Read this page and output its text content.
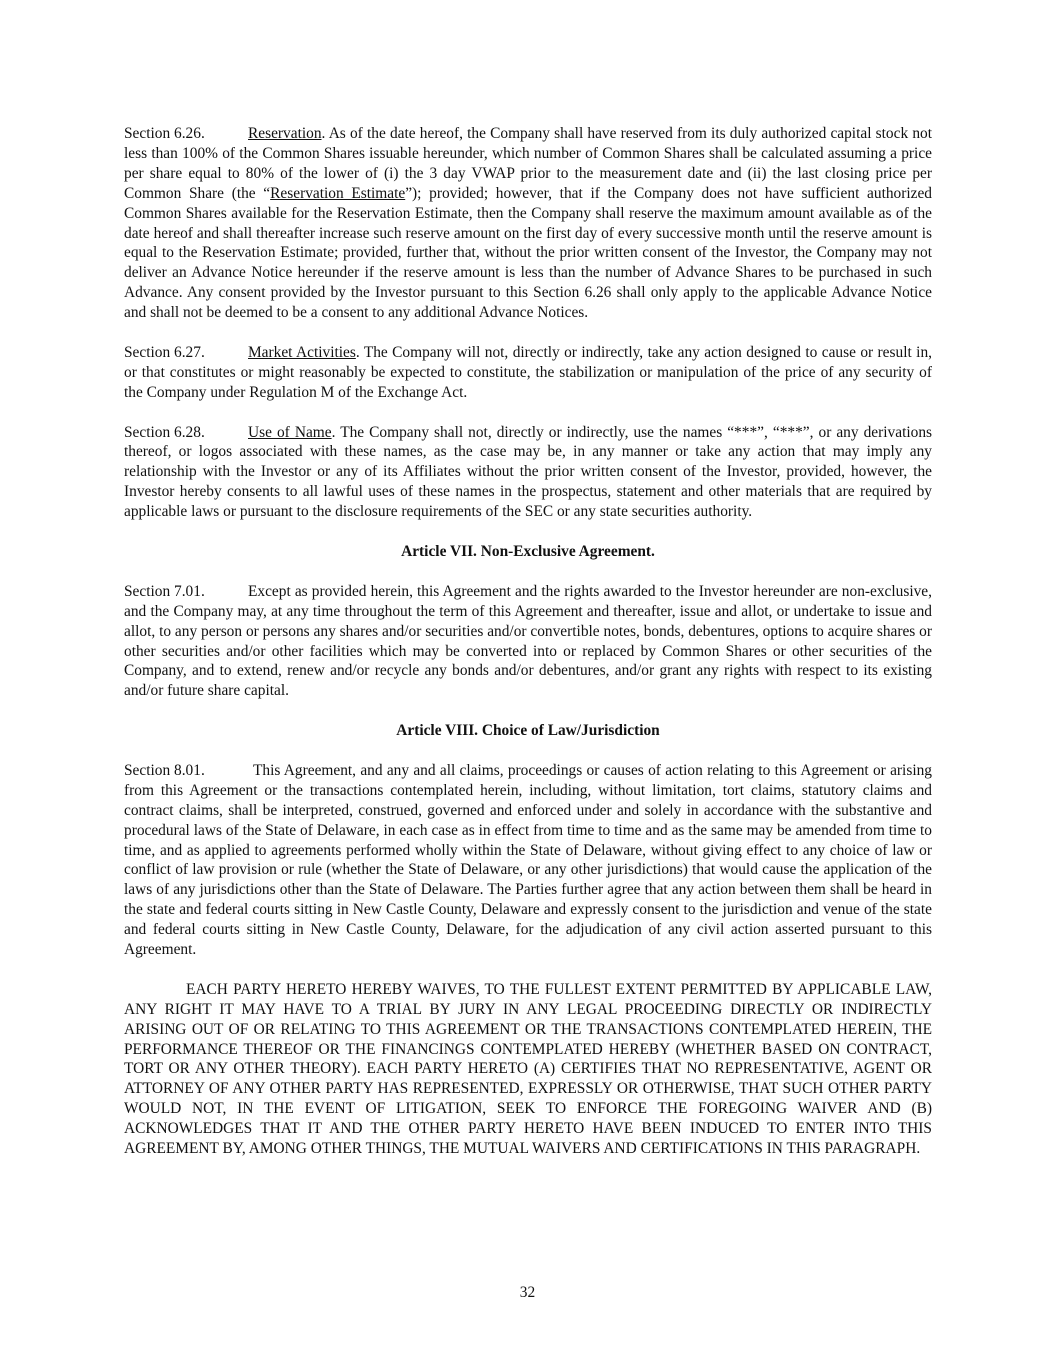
Section 6.26.	Reservation. As of the date hereof, the Company shall have reserved from its duly authorized capital stock not less than 100% of the Common Shares issuable hereunder, which number of Common Shares shall be calculated assuming a price per share equal to 80% of the lower of (i) the 3 day VWAP prior to the measurement date and (ii) the last closing price per Common Share (the “Reservation Estimate”); provided; however, that if the Company does not have sufficient authorized Common Shares available for the Reservation Estimate, then the Company shall reserve the maximum amount available as of the date hereof and shall thereafter increase such reserve amount on the first day of every successive month until the reserve amount is equal to the Reservation Estimate; provided, further that, without the prior written consent of the Investor, the Company may not deliver an Advance Notice hereunder if the reserve amount is less than the number of Advance Shares to be purchased in such Advance. Any consent provided by the Investor pursuant to this Section 6.26 shall only apply to the applicable Advance Notice and shall not be deemed to be a consent to any additional Advance Notices.

Section 6.27.	Market Activities. The Company will not, directly or indirectly, take any action designed to cause or result in, or that constitutes or might reasonably be expected to constitute, the stabilization or manipulation of the price of any security of the Company under Regulation M of the Exchange Act.

Section 6.28.	Use of Name. The Company shall not, directly or indirectly, use the names “***”, “***”, or any derivations thereof, or logos associated with these names, as the case may be, in any manner or take any action that may imply any relationship with the Investor or any of its Affiliates without the prior written consent of the Investor, provided, however, the Investor hereby consents to all lawful uses of these names in the prospectus, statement and other materials that are required by applicable laws or pursuant to the disclosure requirements of the SEC or any state securities authority.

Article VII. Non-Exclusive Agreement.

Section 7.01.	Except as provided herein, this Agreement and the rights awarded to the Investor hereunder are non-exclusive, and the Company may, at any time throughout the term of this Agreement and thereafter, issue and allot, or undertake to issue and allot, to any person or persons any shares and/or securities and/or convertible notes, bonds, debentures, options to acquire shares or other securities and/or other facilities which may be converted into or replaced by Common Shares or other securities of the Company, and to extend, renew and/or recycle any bonds and/or debentures, and/or grant any rights with respect to its existing and/or future share capital.

Article VIII. Choice of Law/Jurisdiction

Section 8.01.	This Agreement, and any and all claims, proceedings or causes of action relating to this Agreement or arising from this Agreement or the transactions contemplated herein, including, without limitation, tort claims, statutory claims and contract claims, shall be interpreted, construed, governed and enforced under and solely in accordance with the substantive and procedural laws of the State of Delaware, in each case as in effect from time to time and as the same may be amended from time to time, and as applied to agreements performed wholly within the State of Delaware, without giving effect to any choice of law or conflict of law provision or rule (whether the State of Delaware, or any other jurisdictions) that would cause the application of the laws of any jurisdictions other than the State of Delaware. The Parties further agree that any action between them shall be heard in the state and federal courts sitting in New Castle County, Delaware and expressly consent to the jurisdiction and venue of the state and federal courts sitting in New Castle County, Delaware, for the adjudication of any civil action asserted pursuant to this Agreement.

EACH PARTY HERETO HEREBY WAIVES, TO THE FULLEST EXTENT PERMITTED BY APPLICABLE LAW, ANY RIGHT IT MAY HAVE TO A TRIAL BY JURY IN ANY LEGAL PROCEEDING DIRECTLY OR INDIRECTLY ARISING OUT OF OR RELATING TO THIS AGREEMENT OR THE TRANSACTIONS CONTEMPLATED HEREIN, THE PERFORMANCE THEREOF OR THE FINANCINGS CONTEMPLATED HEREBY (WHETHER BASED ON CONTRACT, TORT OR ANY OTHER THEORY). EACH PARTY HERETO (A) CERTIFIES THAT NO REPRESENTATIVE, AGENT OR ATTORNEY OF ANY OTHER PARTY HAS REPRESENTED, EXPRESSLY OR OTHERWISE, THAT SUCH OTHER PARTY WOULD NOT, IN THE EVENT OF LITIGATION, SEEK TO ENFORCE THE FOREGOING WAIVER AND (B) ACKNOWLEDGES THAT IT AND THE OTHER PARTY HERETO HAVE BEEN INDUCED TO ENTER INTO THIS AGREEMENT BY, AMONG OTHER THINGS, THE MUTUAL WAIVERS AND CERTIFICATIONS IN THIS PARAGRAPH.

32
